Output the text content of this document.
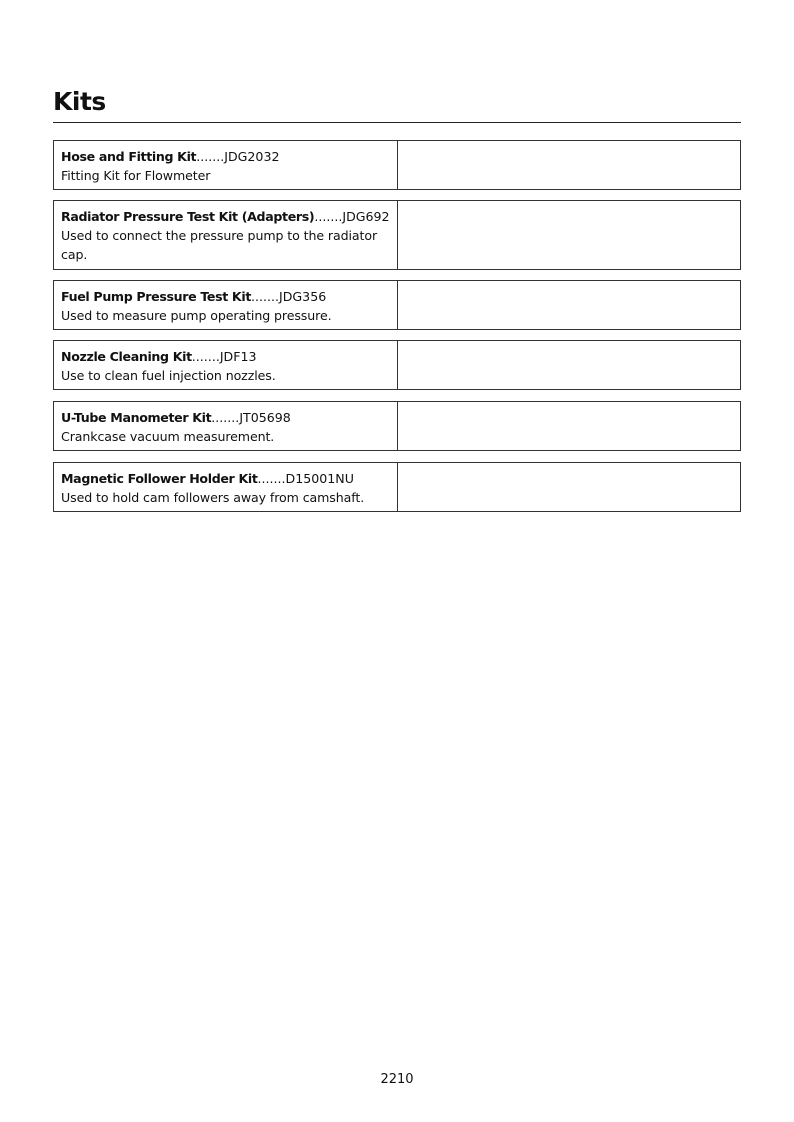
Kits
Hose and Fitting Kit.......JDG2032
Fitting Kit for Flowmeter
Radiator Pressure Test Kit (Adapters).......JDG692
Used to connect the pressure pump to the radiator cap.
Fuel Pump Pressure Test Kit.......JDG356
Used to measure pump operating pressure.
Nozzle Cleaning Kit.......JDF13
Use to clean fuel injection nozzles.
U-Tube Manometer Kit.......JT05698
Crankcase vacuum measurement.
Magnetic Follower Holder Kit.......D15001NU
Used to hold cam followers away from camshaft.
2210
